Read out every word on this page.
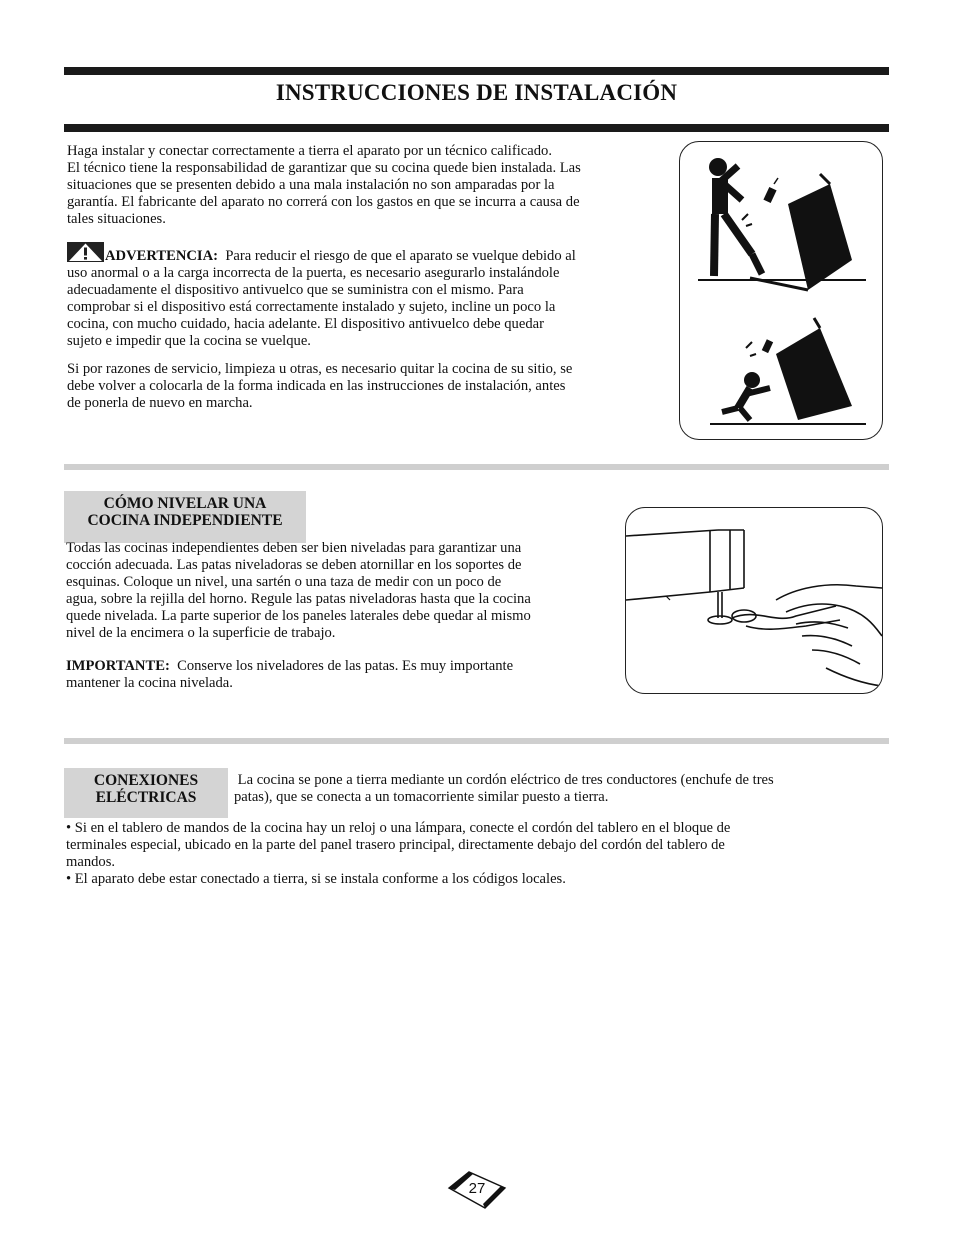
INSTRUCCIONES DE INSTALACIÓN

Haga instalar y conectar correctamente a tierra el aparato por un técnico calificado.
El técnico tiene la responsabilidad de garantizar que su cocina quede bien instalada. Las
situaciones que se presenten debido a una mala instalación no son amparadas por la
garantía. El fabricante del aparato no correrá con los gastos en que se incurra a causa de
tales situaciones.

ADVERTENCIA:  Para reducir el riesgo de que el aparato se vuelque debido al
uso anormal o a la carga incorrecta de la puerta, es necesario asegurarlo instalándole
adecuadamente el dispositivo antivuelco que se suministra con el mismo. Para
comprobar si el dispositivo está correctamente instalado y sujeto, incline un poco la
cocina, con mucho cuidado, hacia adelante. El dispositivo antivuelco debe quedar
sujeto e impedir que la cocina se vuelque.

Si por razones de servicio, limpieza u otras, es necesario quitar la cocina de su sitio, se
debe volver a colocarla de la forma indicada en las instrucciones de instalación, antes
de ponerla de nuevo en marcha.

CÓMO NIVELAR UNA
COCINA INDEPENDIENTE

Todas las cocinas independientes deben ser bien niveladas para garantizar una
cocción adecuada. Las patas niveladoras se deben atornillar en los soportes de
esquinas. Coloque un nivel, una sartén o una taza de medir con un poco de
agua, sobre la rejilla del horno. Regule las patas niveladoras hasta que la cocina
quede nivelada. La parte superior de los paneles laterales debe quedar al mismo
nivel de la encimera o la superficie de trabajo.

IMPORTANTE:  Conserve los niveladores de las patas. Es muy importante
mantener la cocina nivelada.

CONEXIONES
ELÉCTRICAS

La cocina se pone a tierra mediante un cordón eléctrico de tres conductores (enchufe de tres
patas), que se conecta a un tomacorriente similar puesto a tierra.

• Si en el tablero de mandos de la cocina hay un reloj o una lámpara, conecte el cordón del tablero en el bloque de
terminales especial, ubicado en la parte del panel trasero principal, directamente debajo del cordón del tablero de
mandos.
• El aparato debe estar conectado a tierra, si se instala conforme a los códigos locales.

27
